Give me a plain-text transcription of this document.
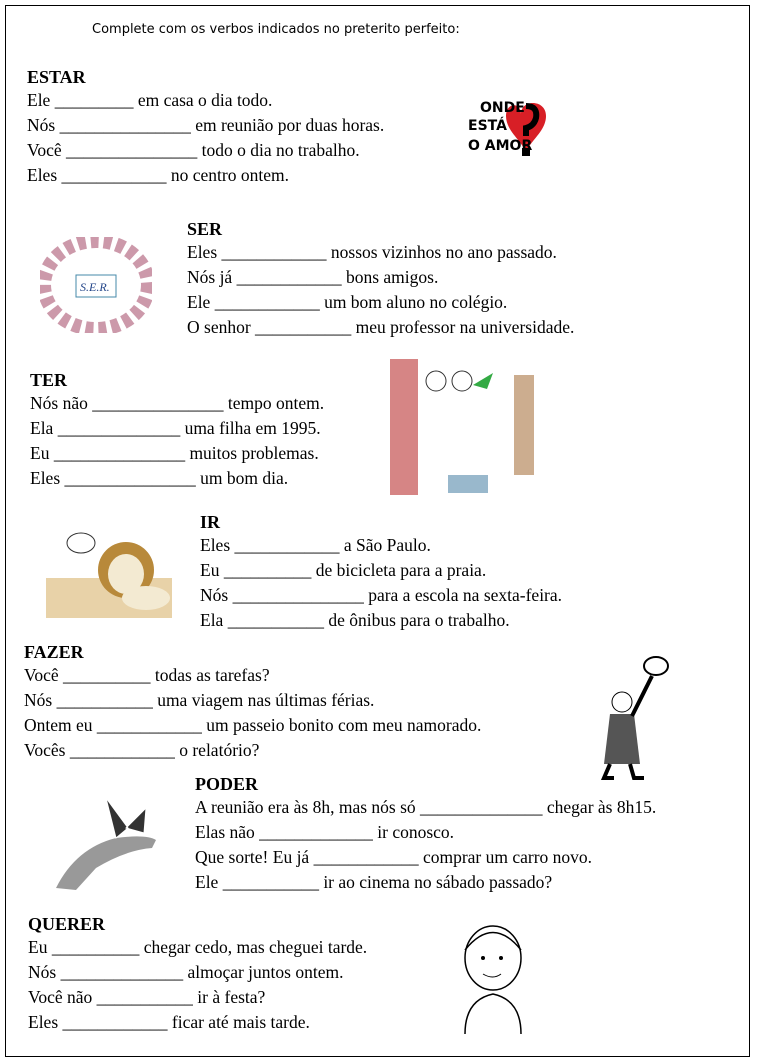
Complete com os verbos indicados no preterito perfeito:
ESTAR
Ele _________ em casa o dia todo.
Nós _______________ em reunião por duas horas.
Você _______________ todo o dia no trabalho.
Eles ____________ no centro ontem.
ONDE
ESTÁ
O AMOR
SER
Eles ____________ nossos vizinhos no ano passado.
Nós já ____________ bons amigos.
Ele ____________ um bom aluno no colégio.
O senhor ___________ meu professor na universidade.
S.E.R.
TER
Nós não _______________ tempo ontem.
Ela ______________ uma filha em 1995.
Eu _______________ muitos problemas.
Eles _______________ um bom dia.
IR
Eles ____________ a São Paulo.
Eu __________ de bicicleta para a praia.
Nós _______________ para a escola na sexta-feira.
Ela ___________ de ônibus para o trabalho.
FAZER
Você __________ todas as tarefas?
Nós ___________ uma viagem nas últimas férias.
Ontem eu ____________ um passeio bonito com meu namorado.
Vocês ____________ o relatório?
PODER
A reunião era às 8h, mas nós só ______________ chegar às 8h15.
Elas não _____________ ir conosco.
Que sorte! Eu já ____________ comprar um carro novo.
Ele ___________ ir ao cinema no sábado passado?
QUERER
Eu __________ chegar cedo, mas cheguei tarde.
Nós ______________ almoçar juntos ontem.
Você não ___________ ir à festa?
Eles ____________ ficar até mais tarde.
